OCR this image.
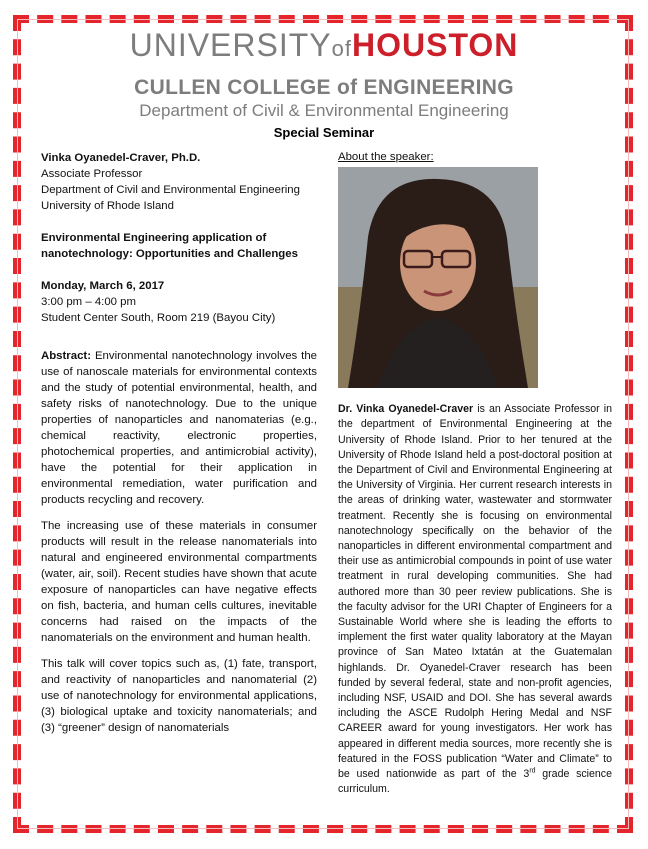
UNIVERSITYofHOUSTON
CULLEN COLLEGE of ENGINEERING
Department of Civil & Environmental Engineering
Special Seminar
Vinka Oyanedel-Craver, Ph.D.
Associate Professor
Department of Civil and Environmental Engineering
University of Rhode Island
Environmental Engineering application of
nanotechnology: Opportunities and Challenges
Monday, March 6, 2017
3:00 pm – 4:00 pm
Student Center South, Room 219 (Bayou City)
Abstract: Environmental nanotechnology involves the use of nanoscale materials for environmental contexts and the study of potential environmental, health, and safety risks of nanotechnology. Due to the unique properties of nanoparticles and nanomaterias (e.g., chemical reactivity, electronic properties, photochemical properties, and antimicrobial activity), have the potential for their application in environmental remediation, water purification and products recycling and recovery.
The increasing use of these materials in consumer products will result in the release nanomaterials into natural and engineered environmental compartments (water, air, soil). Recent studies have shown that acute exposure of nanoparticles can have negative effects on fish, bacteria, and human cells cultures, inevitable concerns had raised on the impacts of the nanomaterials on the environment and human health.
This talk will cover topics such as, (1) fate, transport, and reactivity of nanoparticles and nanomaterial (2) use of nanotechnology for environmental applications, (3) biological uptake and toxicity nanomaterials; and (3) “greener” design of nanomaterials
About the speaker:
Dr. Vinka Oyanedel-Craver is an Associate Professor in the department of Environmental Engineering at the University of Rhode Island. Prior to her tenured at the University of Rhode Island held a post-doctoral position at the Department of Civil and Environmental Engineering at the University of Virginia. Her current research interests in the areas of drinking water, wastewater and stormwater treatment. Recently she is focusing on environmental nanotechnology specifically on the behavior of the nanoparticles in different environmental compartment and their use as antimicrobial compounds in point of use water treatment in rural developing communities. She had authored more than 30 peer review publications. She is the faculty advisor for the URI Chapter of Engineers for a Sustainable World where she is leading the efforts to implement the first water quality laboratory at the Mayan province of San Mateo Ixtatán at the Guatemalan highlands. Dr. Oyanedel-Craver research has been funded by several federal, state and non-profit agencies, including NSF, USAID and DOI. She has several awards including the ASCE Rudolph Hering Medal and NSF CAREER award for young investigators. Her work has appeared in different media sources, more recently she is featured in the FOSS publication “Water and Climate” to be used nationwide as part of the 3rd grade science curriculum.
